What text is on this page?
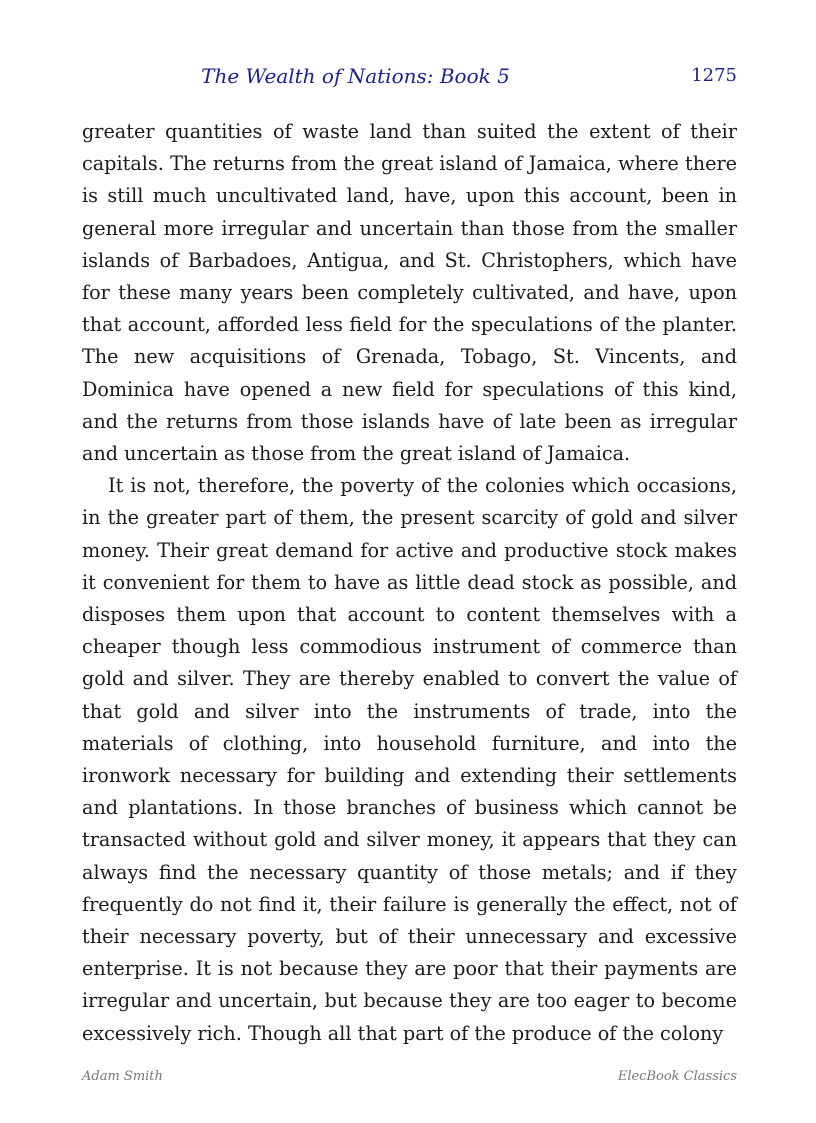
The Wealth of Nations: Book 5	1275

greater quantities of waste land than suited the extent of their capitals. The returns from the great island of Jamaica, where there is still much uncultivated land, have, upon this account, been in general more irregular and uncertain than those from the smaller islands of Barbadoes, Antigua, and St. Christophers, which have for these many years been completely cultivated, and have, upon that account, afforded less field for the speculations of the planter. The new acquisitions of Grenada, Tobago, St. Vincents, and Dominica have opened a new field for speculations of this kind, and the returns from those islands have of late been as irregular and uncertain as those from the great island of Jamaica.

It is not, therefore, the poverty of the colonies which occasions, in the greater part of them, the present scarcity of gold and silver money. Their great demand for active and productive stock makes it convenient for them to have as little dead stock as possible, and disposes them upon that account to content themselves with a cheaper though less commodious instrument of commerce than gold and silver. They are thereby enabled to convert the value of that gold and silver into the instruments of trade, into the materials of clothing, into household furniture, and into the ironwork necessary for building and extending their settlements and plantations. In those branches of business which cannot be transacted without gold and silver money, it appears that they can always find the necessary quantity of those metals; and if they frequently do not find it, their failure is generally the effect, not of their necessary poverty, but of their unnecessary and excessive enterprise. It is not because they are poor that their payments are irregular and uncertain, but because they are too eager to become excessively rich. Though all that part of the produce of the colony

Adam Smith	ElecBook Classics
